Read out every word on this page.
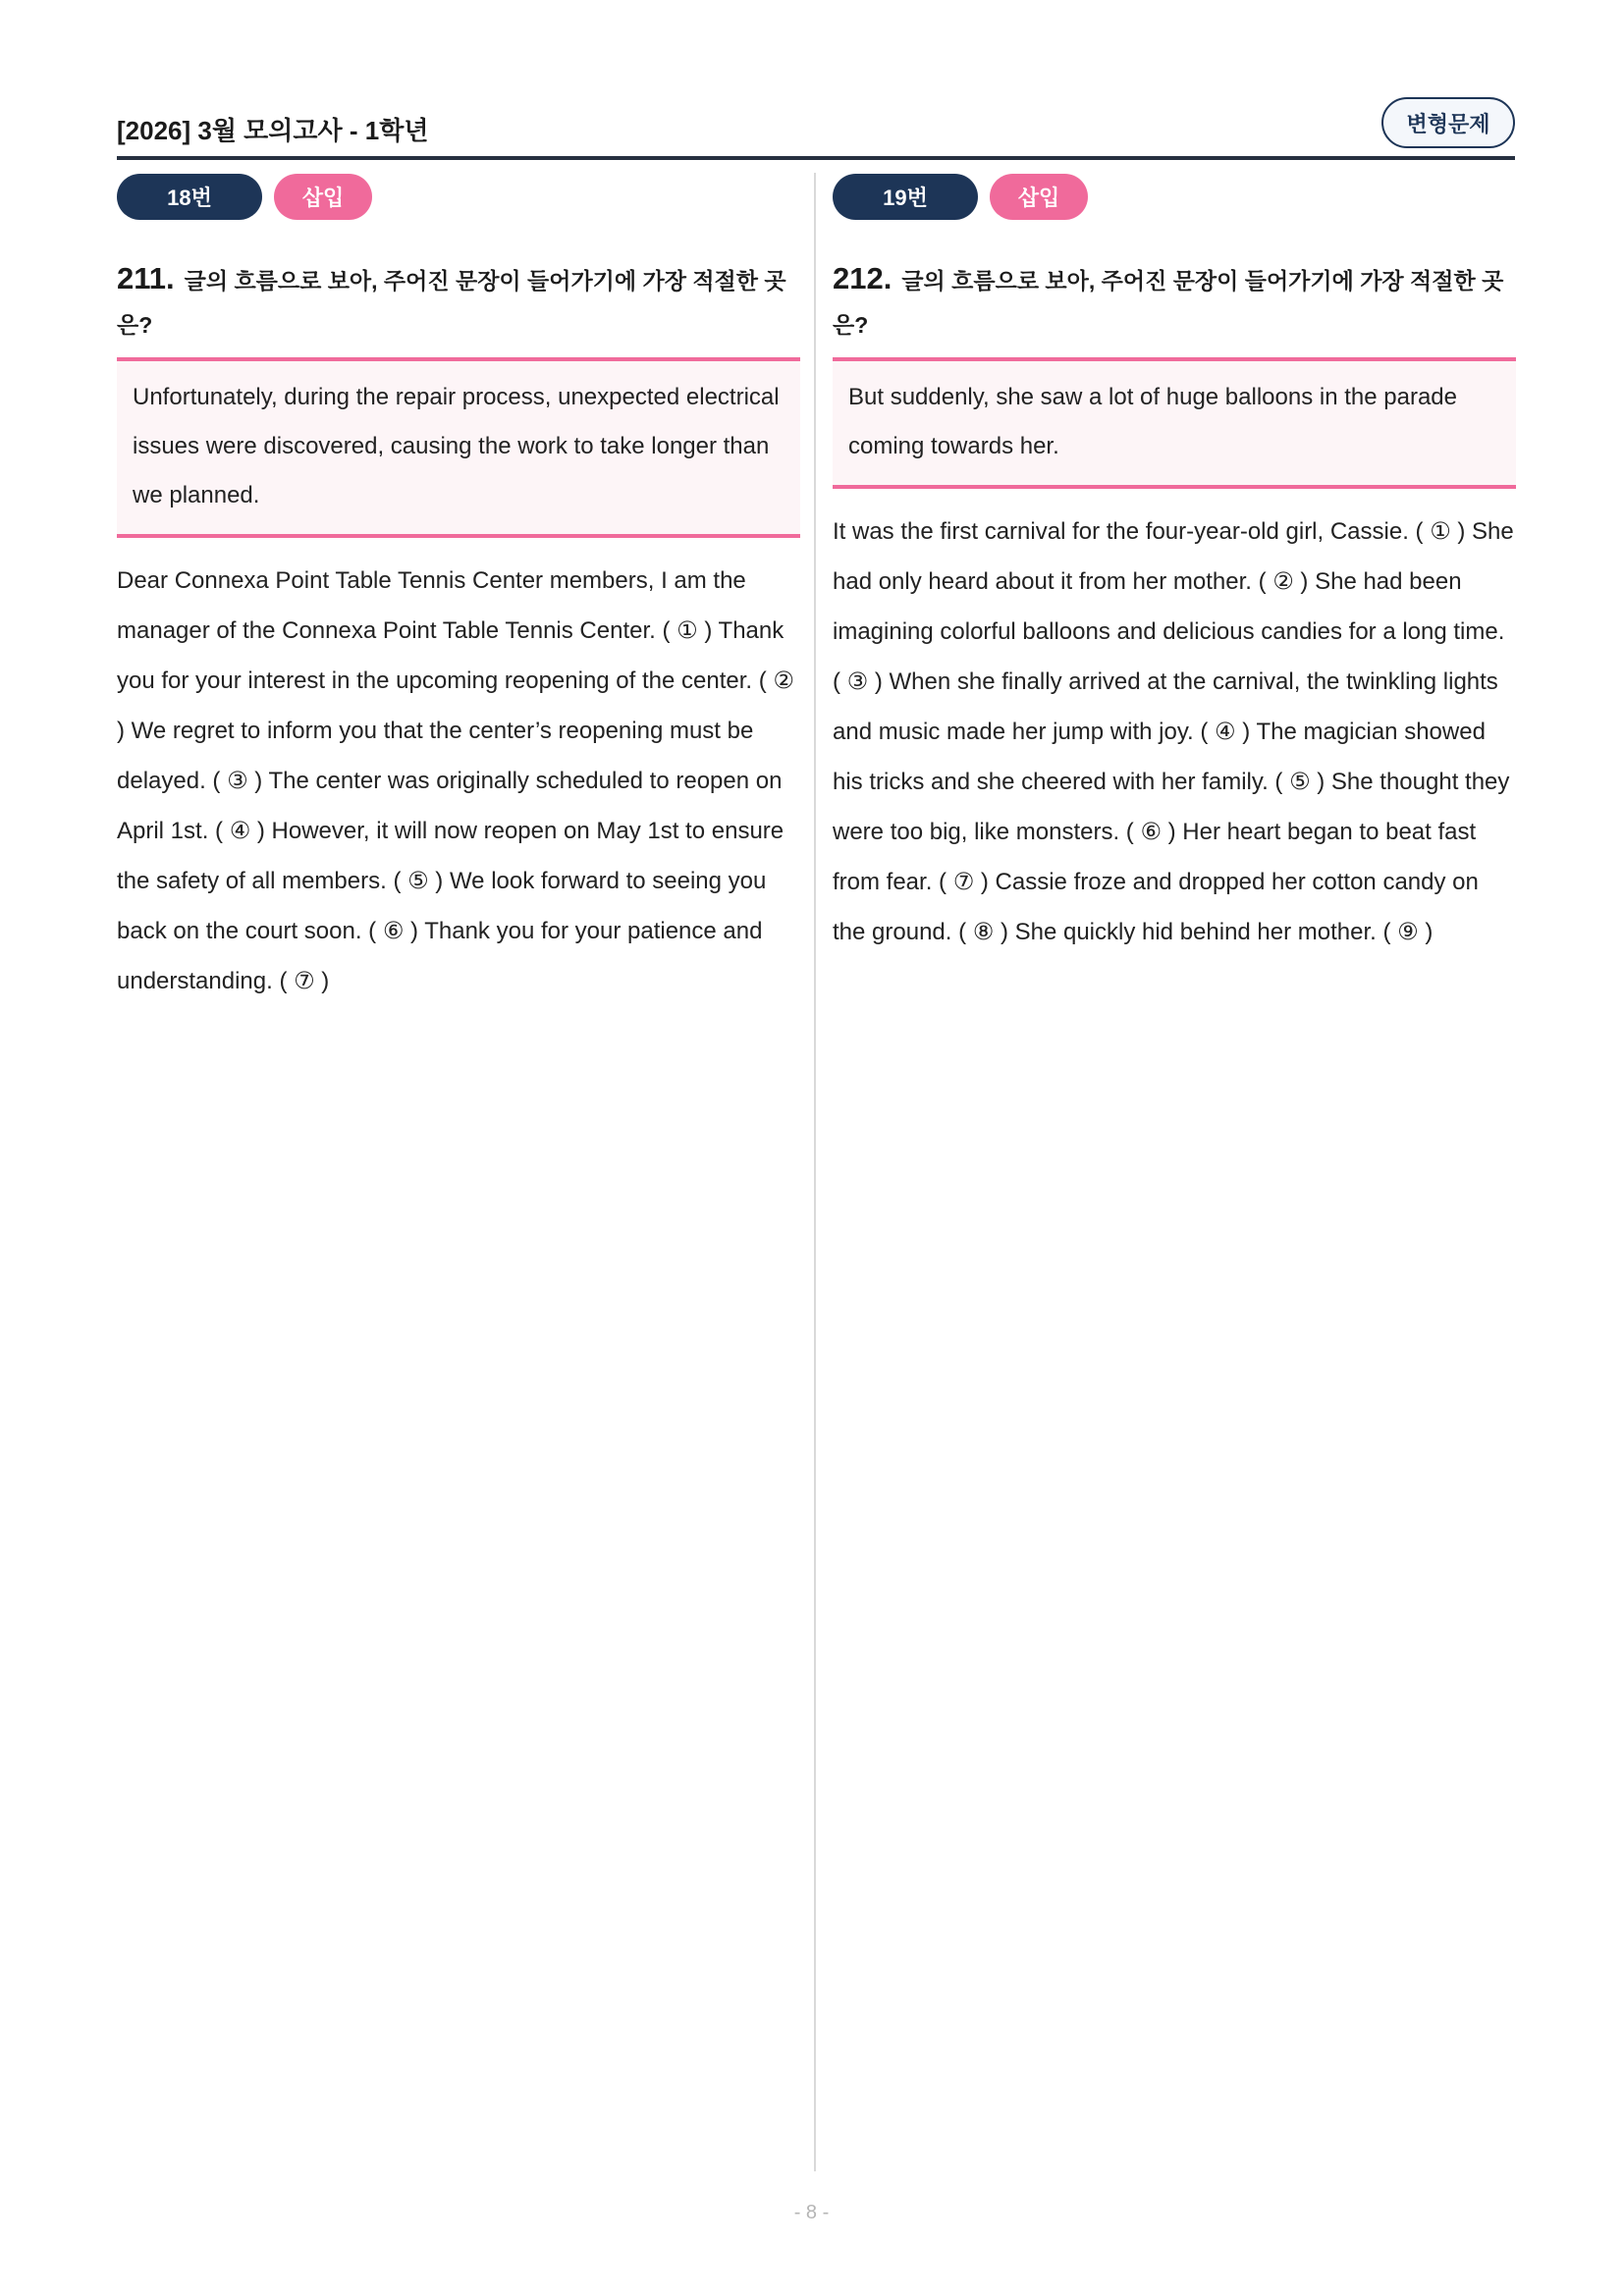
[2026] 3월 모의고사 - 1학년	변형문제
18번	삽입
211. 글의 흐름으로 보아, 주어진 문장이 들어가기에 가장 적절한 곳은?
Unfortunately, during the repair process, unexpected electrical issues were discovered, causing the work to take longer than we planned.

Dear Connexa Point Table Tennis Center members, I am the manager of the Connexa Point Table Tennis Center. ( ① ) Thank you for your interest in the upcoming reopening of the center. ( ② ) We regret to inform you that the center’s reopening must be delayed. ( ③ ) The center was originally scheduled to reopen on April 1st. ( ④ ) However, it will now reopen on May 1st to ensure the safety of all members. ( ⑤ ) We look forward to seeing you back on the court soon. ( ⑥ ) Thank you for your patience and understanding. ( ⑦ )

19번	삽입
212. 글의 흐름으로 보아, 주어진 문장이 들어가기에 가장 적절한 곳은?
But suddenly, she saw a lot of huge balloons in the parade coming towards her.

It was the first carnival for the four-year-old girl, Cassie. ( ① ) She had only heard about it from her mother. ( ② ) She had been imagining colorful balloons and delicious candies for a long time. ( ③ ) When she finally arrived at the carnival, the twinkling lights and music made her jump with joy. ( ④ ) The magician showed his tricks and she cheered with her family. ( ⑤ ) She thought they were too big, like monsters. ( ⑥ ) Her heart began to beat fast from fear. ( ⑦ ) Cassie froze and dropped her cotton candy on the ground. ( ⑧ ) She quickly hid behind her mother. ( ⑨ )

- 8 -
